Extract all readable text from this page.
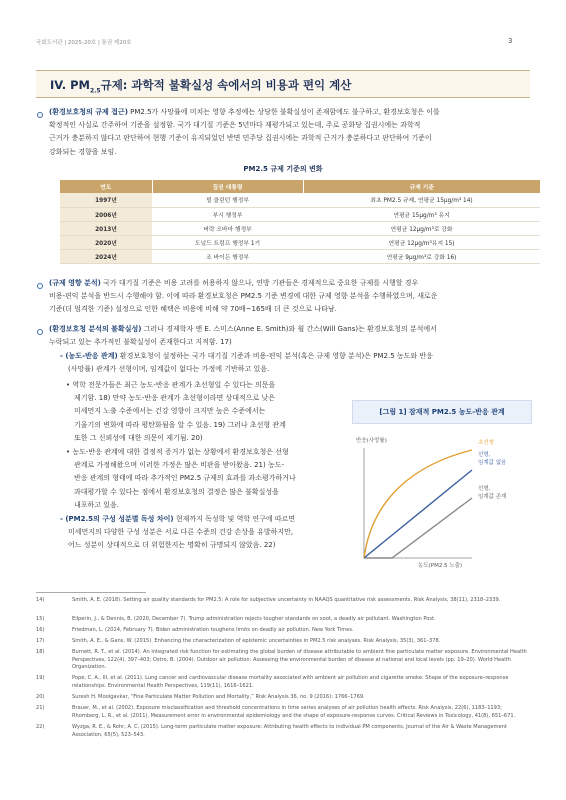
국회도서관 | 2025-20호 | 통권 제20호	3
IV. $PM_{2.5}$규제: 과학적 불확실성 속에서의 비용과 편익 계산
(환경보호청의 규제 접근) PM2.5가 사망률에 미치는 영향 추정에는 상당한 불확실성이 존재함에도 불구하고, 환경보호청은 이를
확정적인 사실로 간주하여 기준을 설정함. 국가 대기질 기준은 5년마다 재평가되고 있는데, 주로 공화당 집권시에는 과학적
근거가 충분하지 않다고 판단하여 현행 기준이 유지되었던 반면 민주당 집권시에는 과학적 근거가 충분하다고 판단하여 기준이
강화되는 경향을 보임.
PM2.5 규제 기준의 변화
연도	집권 대통령	규제 기준
1997년	빌 클린턴 행정부	최초 PM2.5 규제, 연평균 15μg/m³ 14)
2006년	부시 행정부	연평균 15μg/m³ 유지
2013년	버락 오바마 행정부	연평균 12μg/m³로 강화
2020년	도널드 트럼프 행정부 1기	연평균 12μg/m³유지 15)
2024년	조 바이든 행정부	연평균 9μg/m³로 강화 16)
(규제 영향 분석) 국가 대기질 기준은 비용 고려를 허용하지 않으나, 연방 기관들은 경제적으로 중요한 규제를 시행할 경우
비용-편익 분석을 반드시 수행해야 함. 이에 따라 환경보호청은 PM2.5 기준 변경에 대한 규제 영향 분석을 수행하였으며, 새로운
기준(더 엄격한 기준) 설정으로 인한 혜택은 비용에 비해 약 70배~165배 더 큰 것으로 나타남.
(환경보호청 분석의 불확실성) 그러나 경제학자 앤 E. 스미스(Anne E. Smith)와 윌 간스(Will Gans)는 환경보호청의 분석에서
누락되고 있는 추가적인 불확실성이 존재한다고 지적함. 17)
- (농도-반응 관계) 환경보호청이 설정하는 국가 대기질 기준과 비용-편익 분석(혹은 규제 영향 분석)은 PM2.5 농도와 반응
(사망률) 관계가 선형이며, 임계값이 없다는 가정에 기반하고 있음.
• 역학 전문가들은 최근 농도-반응 관계가 초선형일 수 있다는 의문을
제기함. 18) 만약 농도-반응 관계가 초선형이라면 상대적으로 낮은
미세먼지 노출 수준에서는 건강 영향이 크지만 높은 수준에서는
기울기의 변화에 따라 평탄화됨을 알 수 있음. 19) 그러나 초선형 관계
또한 그 신뢰성에 대한 의문이 제기됨. 20)
• 농도-반응 관계에 대한 결정적 증거가 없는 상황에서 환경보호청은 선형
관계로 가정해왔으며 이러한 가정은 많은 비판을 받아왔음. 21) 농도-
반응 관계의 형태에 따라 추가적인 PM2.5 규제의 효과를 과소평가하거나
과대평가할 수 있다는 점에서 환경보호청의 결정은 많은 불확실성을
내포하고 있음.
- (PM2.5의 구성 성분별 독성 차이) 현재까지 독성학 및 역학 연구에 따르면
미세먼지의 다양한 구성 성분은 서로 다른 수준의 건강 손상을 유발하지만,
어느 성분이 상대적으로 더 위험한지는 명확히 규명되지 않았음. 22)
[그림 1] 잠재적 PM2.5 농도-반응 관계
반응(사망률)	초선형
선형,
임계값 없음
선형,
임계값 존재
농도(PM2.5 노출)
14)	Smith, A. E. (2018). Setting air quality standards for PM2.5: A role for subjective uncertainty in NAAQS quantitative risk assessments. Risk Analysis, 38(11), 2318–2339.
15)	Eilperin, J., & Dennis, B. (2020, December 7). Trump administration rejects tougher standards on soot, a deadly air pollutant. Washington Post.
16)	Friedman, L. (2024, February 7). Biden administration toughens limits on deadly air pollution. New York Times.
17)	Smith, A. E., & Gans, W. (2015). Enhancing the characterization of epistemic uncertainties in PM2.5 risk analyses. Risk Analysis, 35(3), 361–378.
18)	Burnett, R. T., et al. (2014). An integrated risk function for estimating the global burden of disease attributable to ambient fine particulate matter exposure. Environmental Health Perspectives, 122(4), 397–403; Ostro, B. (2004). Outdoor air pollution: Assessing the environmental burden of disease at national and local levels (pp. 19–20). World Health Organization.
19)	Pope, C. A., III, et al. (2011). Lung cancer and cardiovascular disease mortality associated with ambient air pollution and cigarette smoke: Shape of the exposure–response relationships. Environmental Health Perspectives, 119(11), 1616–1621.
20)	Suresh H. Moolgavkar, “Fine Particulate Matter Pollution and Mortality,” Risk Analysis 36, no. 9 (2016): 1766–1769.
21)	Brauer, M., et al. (2002). Exposure misclassification and threshold concentrations in time series analyses of air pollution health effects. Risk Analysis, 22(6), 1183–1193; Rhomberg, L. R., et al. (2011). Measurement error in environmental epidemiology and the shape of exposure-response curves. Critical Reviews in Toxicology, 41(8), 651–671.
22)	Wyzga, R. E., & Rohr, A. C. (2015). Long-term particulate matter exposure: Attributing health effects to individual PM components. Journal of the Air & Waste Management Association, 65(5), 523–543.
